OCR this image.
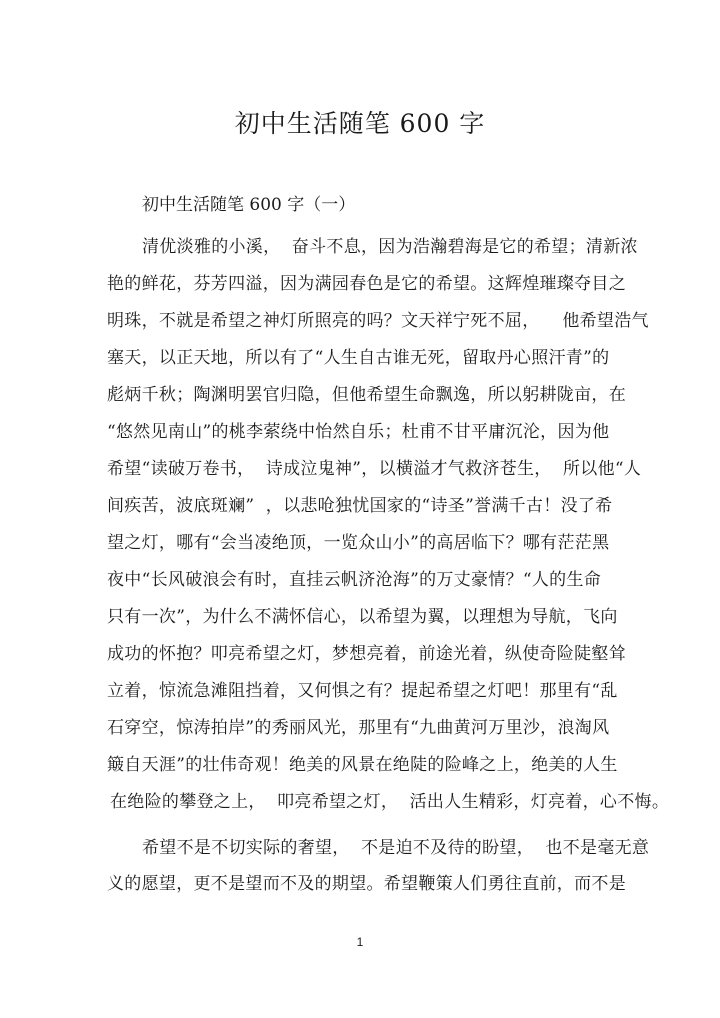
初中生活随笔 600 字
初中生活随笔 600 字（一）
清优淡雅的小溪，  奋斗不息，因为浩瀚碧海是它的希望；清新浓
艳的鲜花，芬芳四溢，因为满园春色是它的希望。这辉煌璀璨夺目之
明珠，不就是希望之神灯所照亮的吗？文天祥宁死不屈，    他希望浩气
塞天，以正天地，所以有了“人生自古谁无死，留取丹心照汗青”的
彪炳千秋；陶渊明罢官归隐，但他希望生命飘逸，所以躬耕陇亩，在
“悠然见南山”的桃李萦绕中怡然自乐；杜甫不甘平庸沉沦，因为他
希望“读破万卷书，  诗成泣鬼神”，以横溢才气救济苍生，  所以他“人
间疾苦，波底斑斓”  ，以悲呛独忧国家的“诗圣”誉满千古！没了希
望之灯，哪有“会当凌绝顶，一览众山小”的高居临下？哪有茫茫黑
夜中“长风破浪会有时，直挂云帆济沧海”的万丈豪情？“人的生命
只有一次”，为什么不满怀信心，以希望为翼，以理想为导航，飞向
成功的怀抱？叩亮希望之灯，梦想亮着，前途光着，纵使奇险陡壑耸
立着，惊流急滩阻挡着，又何惧之有？提起希望之灯吧！那里有“乱
石穿空，惊涛拍岸”的秀丽风光，那里有“九曲黄河万里沙，浪淘风
簸自天涯”的壮伟奇观！绝美的风景在绝陡的险峰之上，绝美的人生
在绝险的攀登之上，  叩亮希望之灯，  活出人生精彩，灯亮着，心不悔。
希望不是不切实际的奢望，  不是迫不及待的盼望，  也不是毫无意
义的愿望，更不是望而不及的期望。希望鞭策人们勇往直前，而不是
1
